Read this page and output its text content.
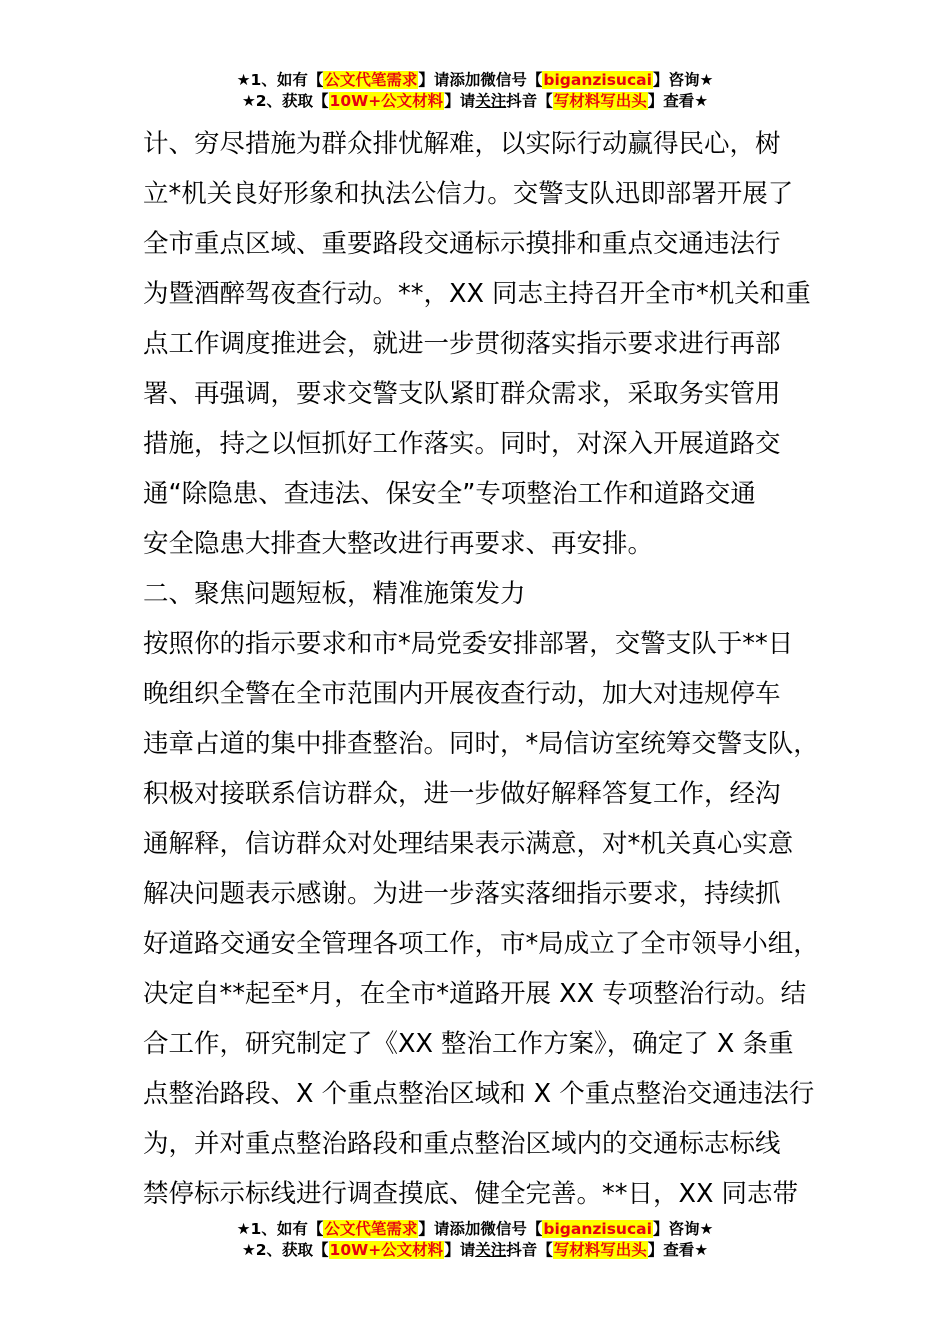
★1、如有【公文代笔需求】请添加微信号【biganzisucai】咨询★
★2、获取【10W+公文材料】请关注抖音【写材料写出头】查看★
计、穷尽措施为群众排忧解难，以实际行动赢得民心，树
立*机关良好形象和执法公信力。交警支队迅即部署开展了
全市重点区域、重要路段交通标示摸排和重点交通违法行
为暨酒醉驾夜查行动。**，XX 同志主持召开全市*机关和重
点工作调度推进会，就进一步贯彻落实指示要求进行再部
署、再强调，要求交警支队紧盯群众需求，采取务实管用
措施，持之以恒抓好工作落实。同时，对深入开展道路交
通“除隐患、查违法、保安全”专项整治工作和道路交通
安全隐患大排查大整改进行再要求、再安排。
二、聚焦问题短板，精准施策发力
按照你的指示要求和市*局党委安排部署，交警支队于**日
晚组织全警在全市范围内开展夜查行动，加大对违规停车
违章占道的集中排查整治。同时，*局信访室统筹交警支队，
积极对接联系信访群众，进一步做好解释答复工作，经沟
通解释，信访群众对处理结果表示满意，对*机关真心实意
解决问题表示感谢。为进一步落实落细指示要求，持续抓
好道路交通安全管理各项工作，市*局成立了全市领导小组，
决定自**起至*月，在全市*道路开展 XX 专项整治行动。结
合工作，研究制定了《XX 整治工作方案》，确定了 X 条重
点整治路段、X 个重点整治区域和 X 个重点整治交通违法行
为，并对重点整治路段和重点整治区域内的交通标志标线
禁停标示标线进行调查摸底、健全完善。**日，XX 同志带
★1、如有【公文代笔需求】请添加微信号【biganzisucai】咨询★
★2、获取【10W+公文材料】请关注抖音【写材料写出头】查看★
